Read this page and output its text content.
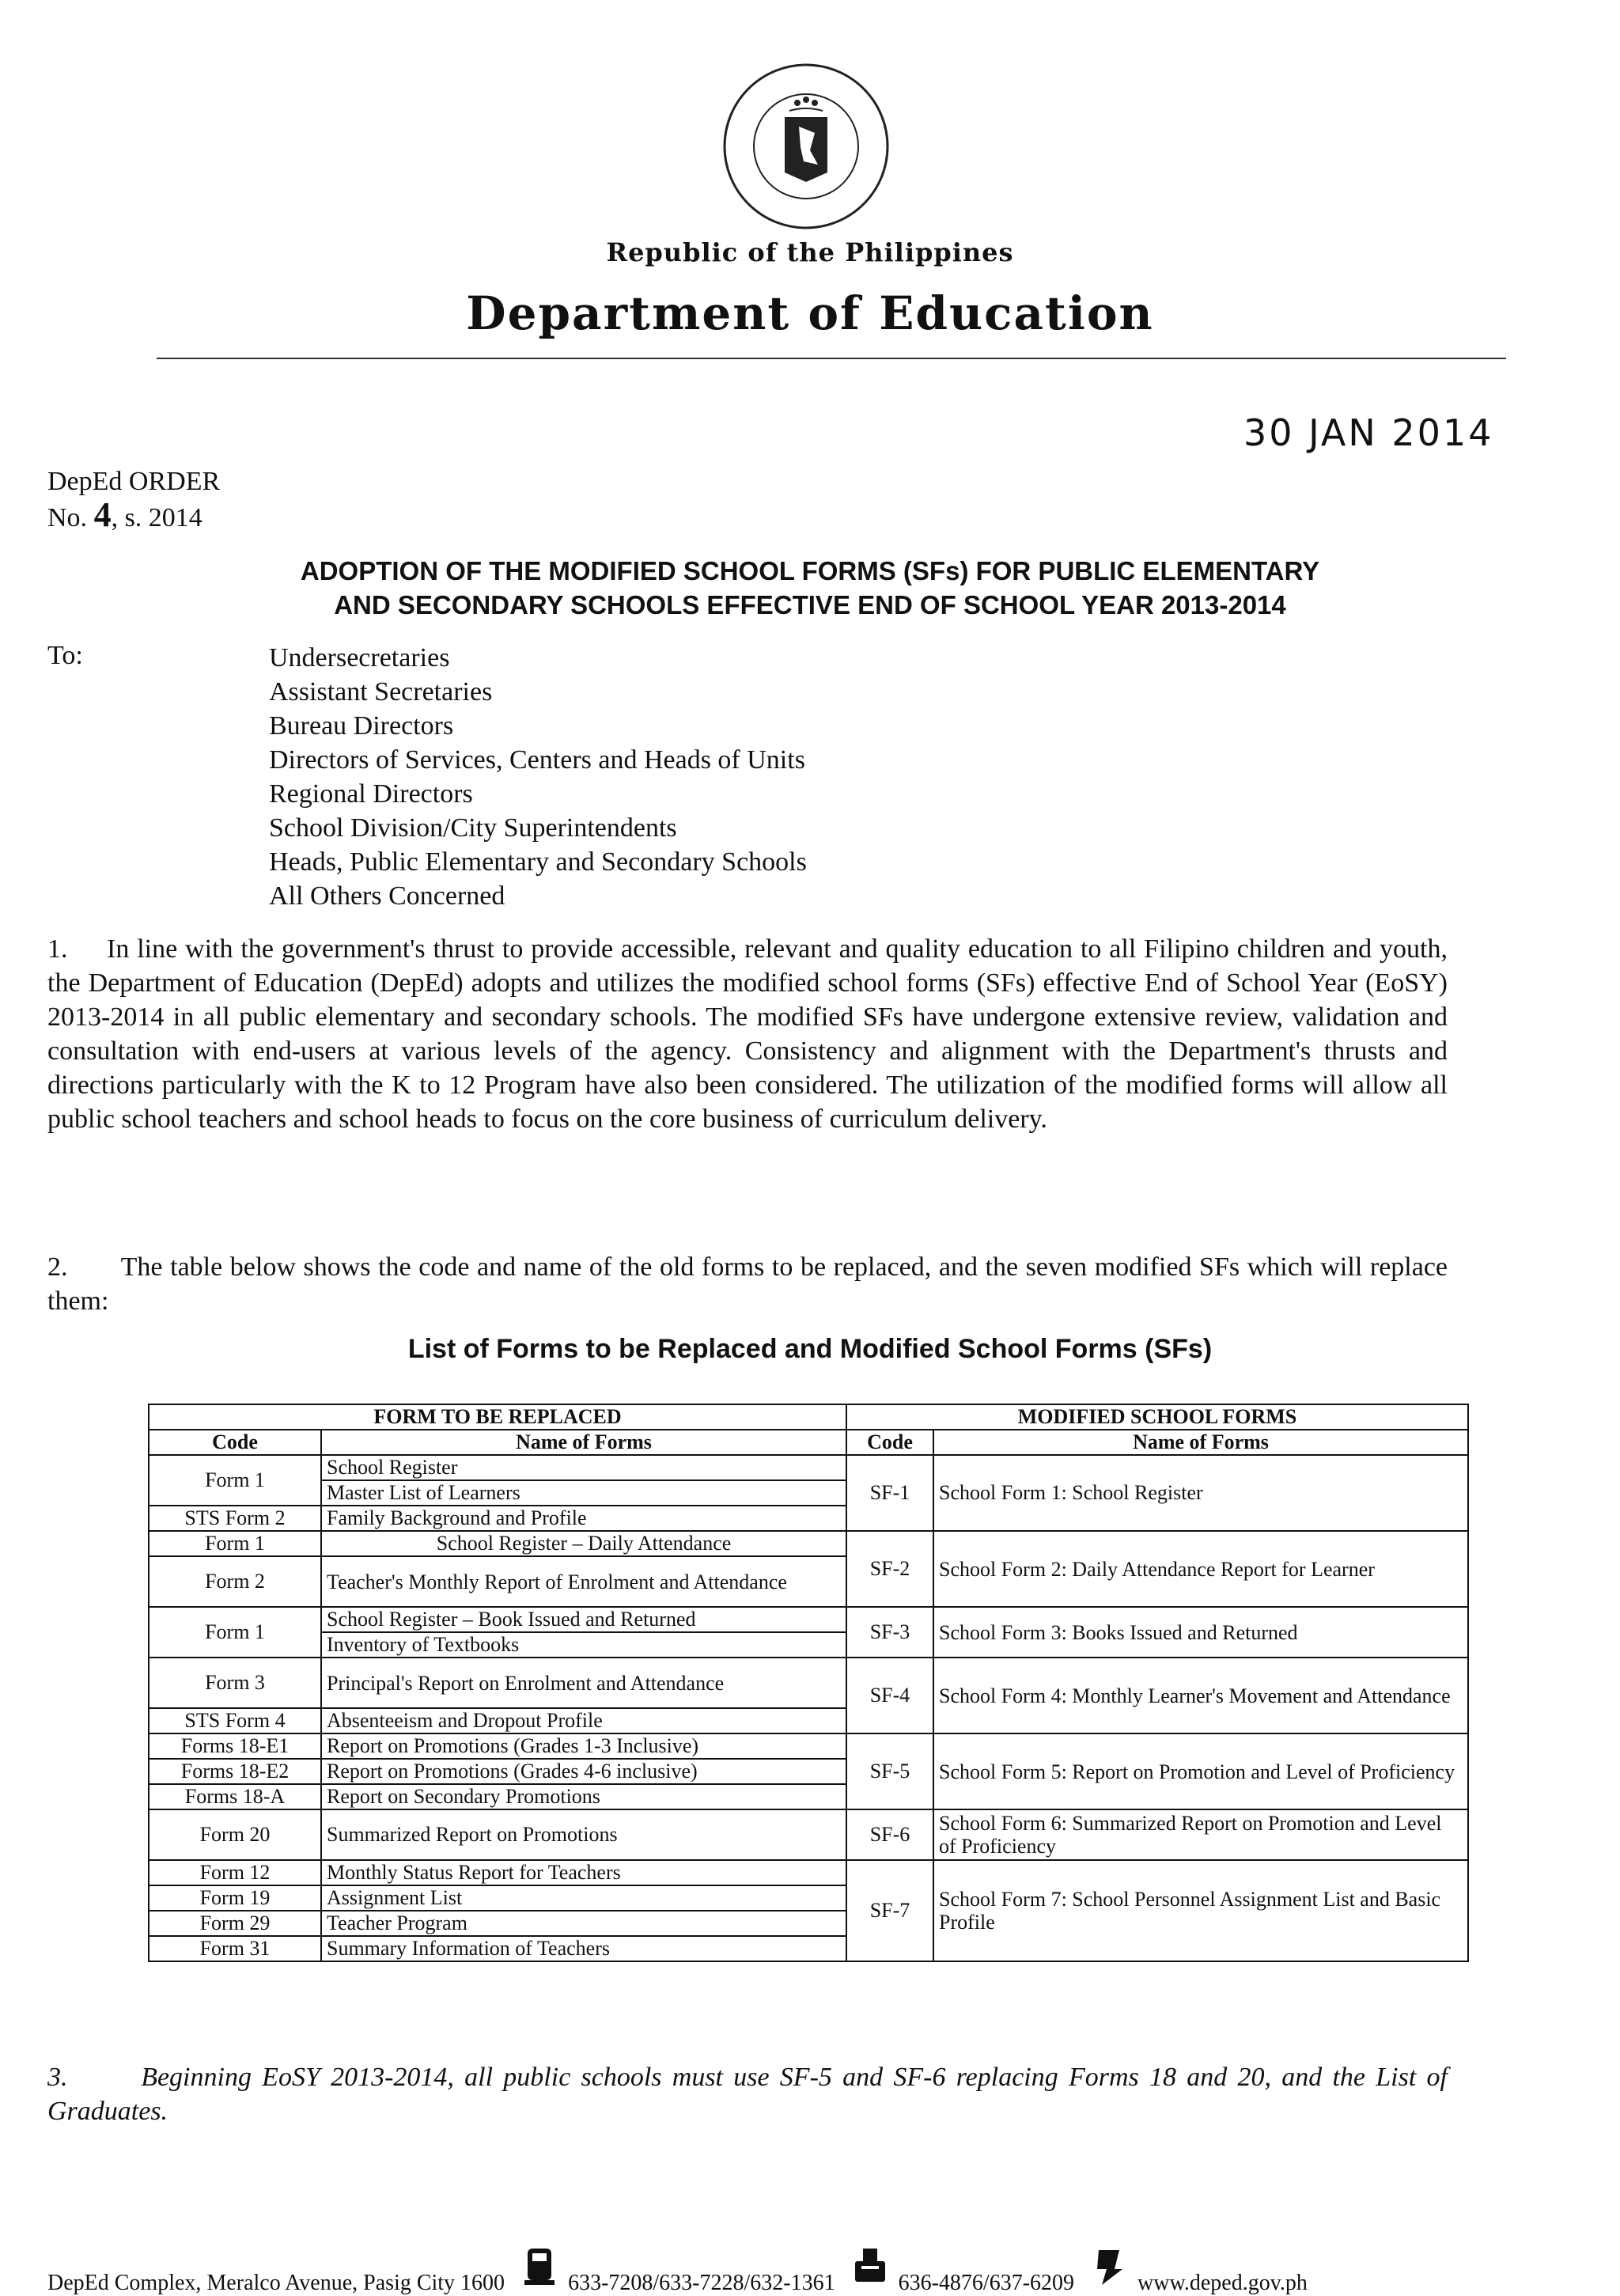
Republic of the Philippines
Department of Education
30 JAN 2014
DepEd ORDER
No. 4, s. 2014
ADOPTION OF THE MODIFIED SCHOOL FORMS (SFs) FOR PUBLIC ELEMENTARY
AND SECONDARY SCHOOLS EFFECTIVE END OF SCHOOL YEAR 2013-2014
To:	Undersecretaries
Assistant Secretaries
Bureau Directors
Directors of Services, Centers and Heads of Units
Regional Directors
School Division/City Superintendents
Heads, Public Elementary and Secondary Schools
All Others Concerned

1.     In line with the government's thrust to provide accessible, relevant and quality education to all Filipino children and youth, the Department of Education (DepEd) adopts and utilizes the modified school forms (SFs) effective End of School Year (EoSY) 2013-2014 in all public elementary and secondary schools. The modified SFs have undergone extensive review, validation and consultation with end-users at various levels of the agency. Consistency and alignment with the Department's thrusts and directions particularly with the K to 12 Program have also been considered. The utilization of the modified forms will allow all public school teachers and school heads to focus on the core business of curriculum delivery.

2.       The table below shows the code and name of the old forms to be replaced, and the seven modified SFs which will replace them:

List of Forms to be Replaced and Modified School Forms (SFs)
FORM TO BE REPLACED		MODIFIED SCHOOL FORMS	
Code	Name of Forms	Code	Name of Forms
Form 1	School Register	SF-1	School Form 1: School Register
	Master List of Learners		
STS Form 2	Family Background and Profile		
Form 1	School Register – Daily Attendance	SF-2	School Form 2: Daily Attendance Report for Learner
Form 2	Teacher's Monthly Report of Enrolment and Attendance		
Form 1	School Register – Book Issued and Returned	SF-3	School Form 3: Books Issued and Returned
	Inventory of Textbooks		
Form 3	Principal's Report on Enrolment and Attendance	SF-4	School Form 4: Monthly Learner's Movement and Attendance
STS Form 4	Absenteeism and Dropout Profile		
Forms 18-E1	Report on Promotions (Grades 1-3 Inclusive)	SF-5	School Form 5: Report on Promotion and Level of Proficiency
Forms 18-E2	Report on Promotions (Grades 4-6 inclusive)		
Forms 18-A	Report on Secondary Promotions		
Form 20	Summarized Report on Promotions	SF-6	School Form 6: Summarized Report on Promotion and Level of Proficiency
Form 12	Monthly Status Report for Teachers	SF-7	School Form 7: School Personnel Assignment List and Basic Profile
Form 19	Assignment List		
Form 29	Teacher Program		
Form 31	Summary Information of Teachers		

3.       Beginning EoSY 2013-2014, all public schools must use SF-5 and SF-6 replacing Forms 18 and 20, and the List of Graduates.

DepEd Complex, Meralco Avenue, Pasig City 1600	633-7208/633-7228/632-1361	636-4876/637-6209	www.deped.gov.ph
